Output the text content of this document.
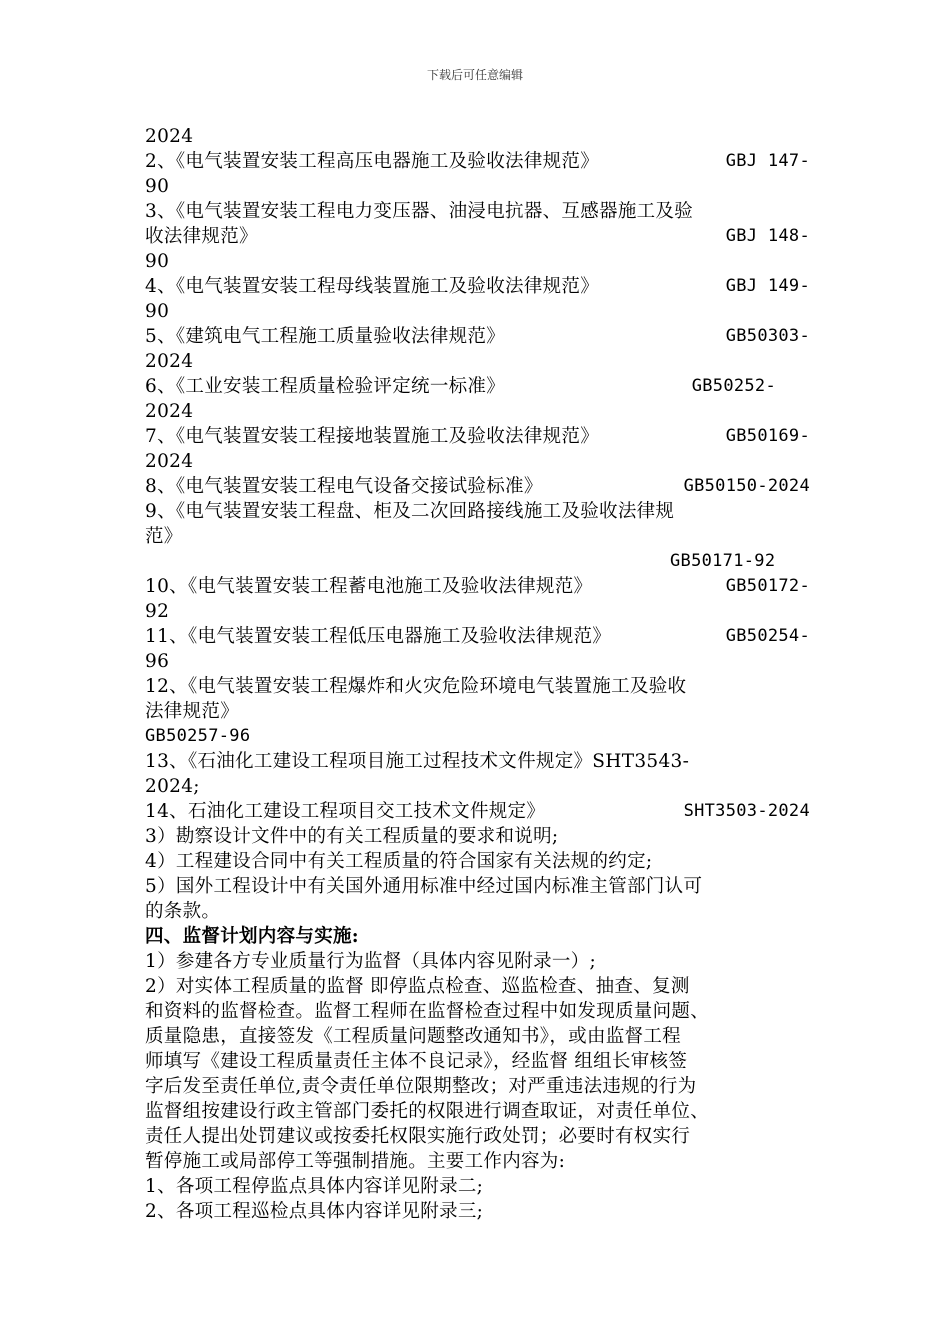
下载后可任意编辑
2024
2、《电气装置安装工程高压电器施工及验收法律规范》	GBJ 147-
90
3、《电气装置安装工程电力变压器、油浸电抗器、互感器施工及验
收法律规范》	GBJ 148-
90
4、《电气装置安装工程母线装置施工及验收法律规范》	GBJ 149-
90
5、《建筑电气工程施工质量验收法律规范》	GB50303-
2024
6、《工业安装工程质量检验评定统一标准》	GB50252-
2024
7、《电气装置安装工程接地装置施工及验收法律规范》	GB50169-
2024
8、《电气装置安装工程电气设备交接试验标准》	GB50150-2024
9、《电气装置安装工程盘、柜及二次回路接线施工及验收法律规
范》
GB50171-92
10、《电气装置安装工程蓄电池施工及验收法律规范》	GB50172-
92
11、《电气装置安装工程低压电器施工及验收法律规范》	GB50254-
96
12、《电气装置安装工程爆炸和火灾危险环境电气装置施工及验收
法律规范》
GB50257-96
13、《石油化工建设工程项目施工过程技术文件规定》SHT3543-
2024;
14、石油化工建设工程项目交工技术文件规定》	SHT3503-2024
3）勘察设计文件中的有关工程质量的要求和说明;
4）工程建设合同中有关工程质量的符合国家有关法规的约定;
5）国外工程设计中有关国外通用标准中经过国内标准主管部门认可
的条款。
四、监督计划内容与实施:
1）参建各方专业质量行为监督（具体内容见附录一）;
2）对实体工程质量的监督 即停监点检查、巡监检查、抽查、复测
和资料的监督检查。监督工程师在监督检查过程中如发现质量问题、
质量隐患，直接签发《工程质量问题整改通知书》，或由监督工程
师填写《建设工程质量责任主体不良记录》，经监督 组组长审核签
字后发至责任单位,责令责任单位限期整改；对严重违法违规的行为
监督组按建设行政主管部门委托的权限进行调查取证，对责任单位、
责任人提出处罚建议或按委托权限实施行政处罚；必要时有权实行
暂停施工或局部停工等强制措施。主要工作内容为:
1、各项工程停监点具体内容详见附录二;
2、各项工程巡检点具体内容详见附录三;
